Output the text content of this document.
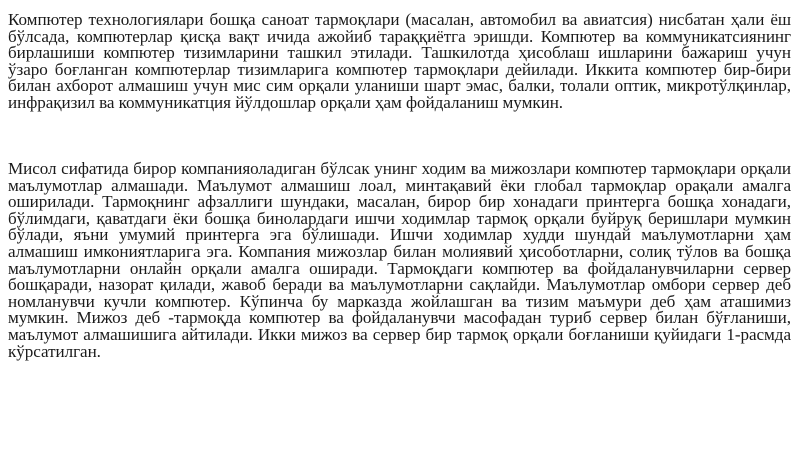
Компютер технологиялари бошқа саноат тармоқлари (масалан, автомобил ва авиатсия) нисбатан ҳали ёш бўлсада, компютерлар қисқа вақт ичида ажойиб тараққиётга эришди. Компютер ва коммуникатсиянинг бирлашиши компютер тизимларини ташкил этилади. Ташкилотда ҳисоблаш ишларини бажариш учун ўзаро боғланган компютерлар тизимларига компютер тармоқлари дейилади. Иккита компютер бир-бири билан ахборот алмашиш учун мис сим орқали уланиши шарт эмас, балки, толали оптик, микротўлқинлар, инфрақизил ва коммуникатция йўлдошлар орқали ҳам фойдаланиш мумкин.

Мисол сифатида бирор компанияоладиган бўлсак унинг ходим ва мижозлари компютер тармоқлари орқали маълумотлар алмашади. Маълумот алмашиш лоал, минтақавий ёки глобал тармоқлар орақали амалга оширилади. Тармоқнинг афзаллиги шундаки, масалан, бирор бир хонадаги принтерга бошқа хонадаги, бўлимдаги, қаватдаги ёки бошқа бинолардаги ишчи ходимлар тармоқ орқали буйруқ беришлари мумкин бўлади, яъни умумий принтерга эга бўлишади. Ишчи ходимлар худди шундай маълумотларни ҳам алмашиш имкониятларига эга. Компания мижозлар билан молиявий ҳисоботларни, солиқ тўлов ва бошқа маълумотларни онлайн орқали амалга оширади. Тармоқдаги компютер ва фойдаланувчиларни сервер бошқаради, назорат қилади, жавоб беради ва маълумотларни сақлайди. Маълумотлар омбори сервер деб номланувчи кучли компютер. Кўпинча бу марказда жойлашган ва тизим маъмури деб ҳам аташимиз мумкин. Мижоз деб -тармоқда компютер ва фойдаланувчи масофадан туриб сервер билан бўғланиши, маълумот алмашишига айтилади. Икки мижоз ва сервер бир тармоқ орқали боғланиши қуйидаги 1-расмда кўрсатилган.
